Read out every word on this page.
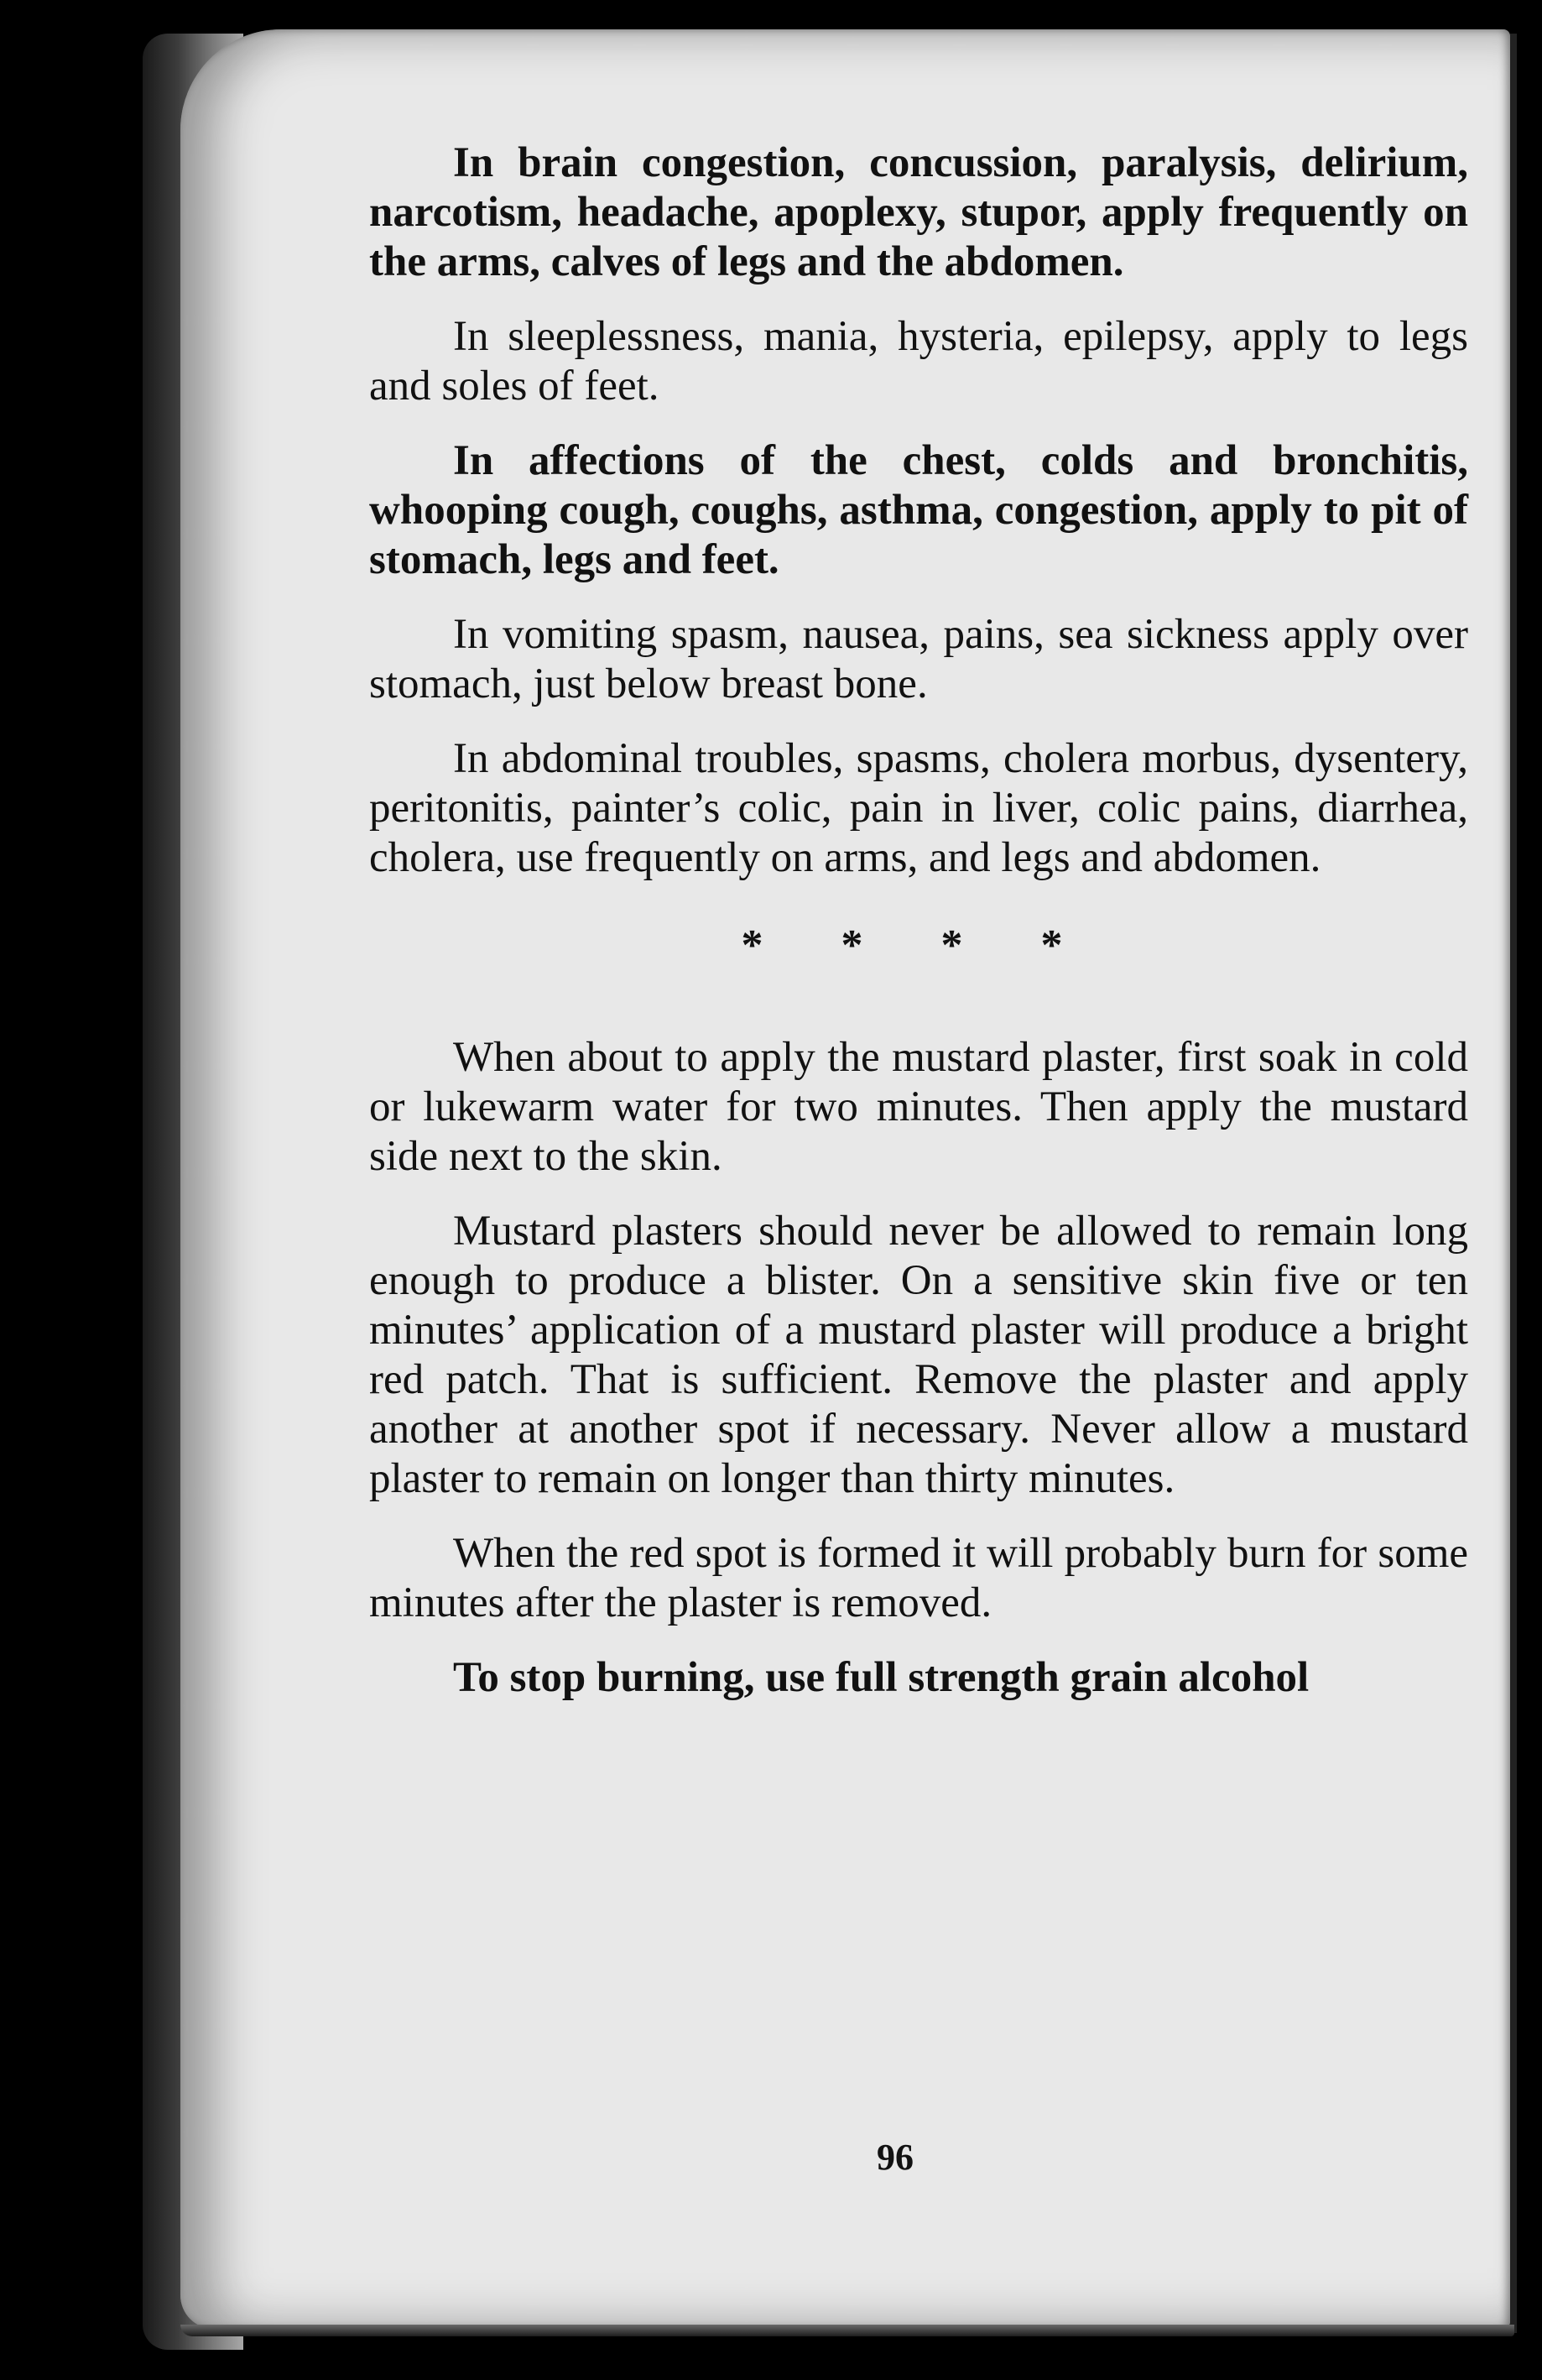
In brain congestion, concussion, paralysis, delirium, narcotism, headache, apoplexy, stupor, apply frequently on the arms, calves of legs and the abdomen.

In sleeplessness, mania, hysteria, epilepsy, apply to legs and soles of feet.

In affections of the chest, colds and bronchitis, whooping cough, coughs, asthma, congestion, apply to pit of stomach, legs and feet.

In vomiting spasm, nausea, pains, sea sickness apply over stomach, just below breast bone.

In abdominal troubles, spasms, cholera morbus, dysentery, peritonitis, painter’s colic, pain in liver, colic pains, diarrhea, cholera, use frequently on arms, and legs and abdomen.

* * * *

When about to apply the mustard plaster, first soak in cold or lukewarm water for two minutes. Then apply the mustard side next to the skin.

Mustard plasters should never be allowed to remain long enough to produce a blister. On a sensitive skin five or ten minutes’ application of a mustard plaster will produce a bright red patch. That is sufficient. Remove the plaster and apply another at another spot if necessary. Never allow a mustard plaster to remain on longer than thirty minutes.

When the red spot is formed it will probably burn for some minutes after the plaster is removed.

To stop burning, use full strength grain alcohol

96
